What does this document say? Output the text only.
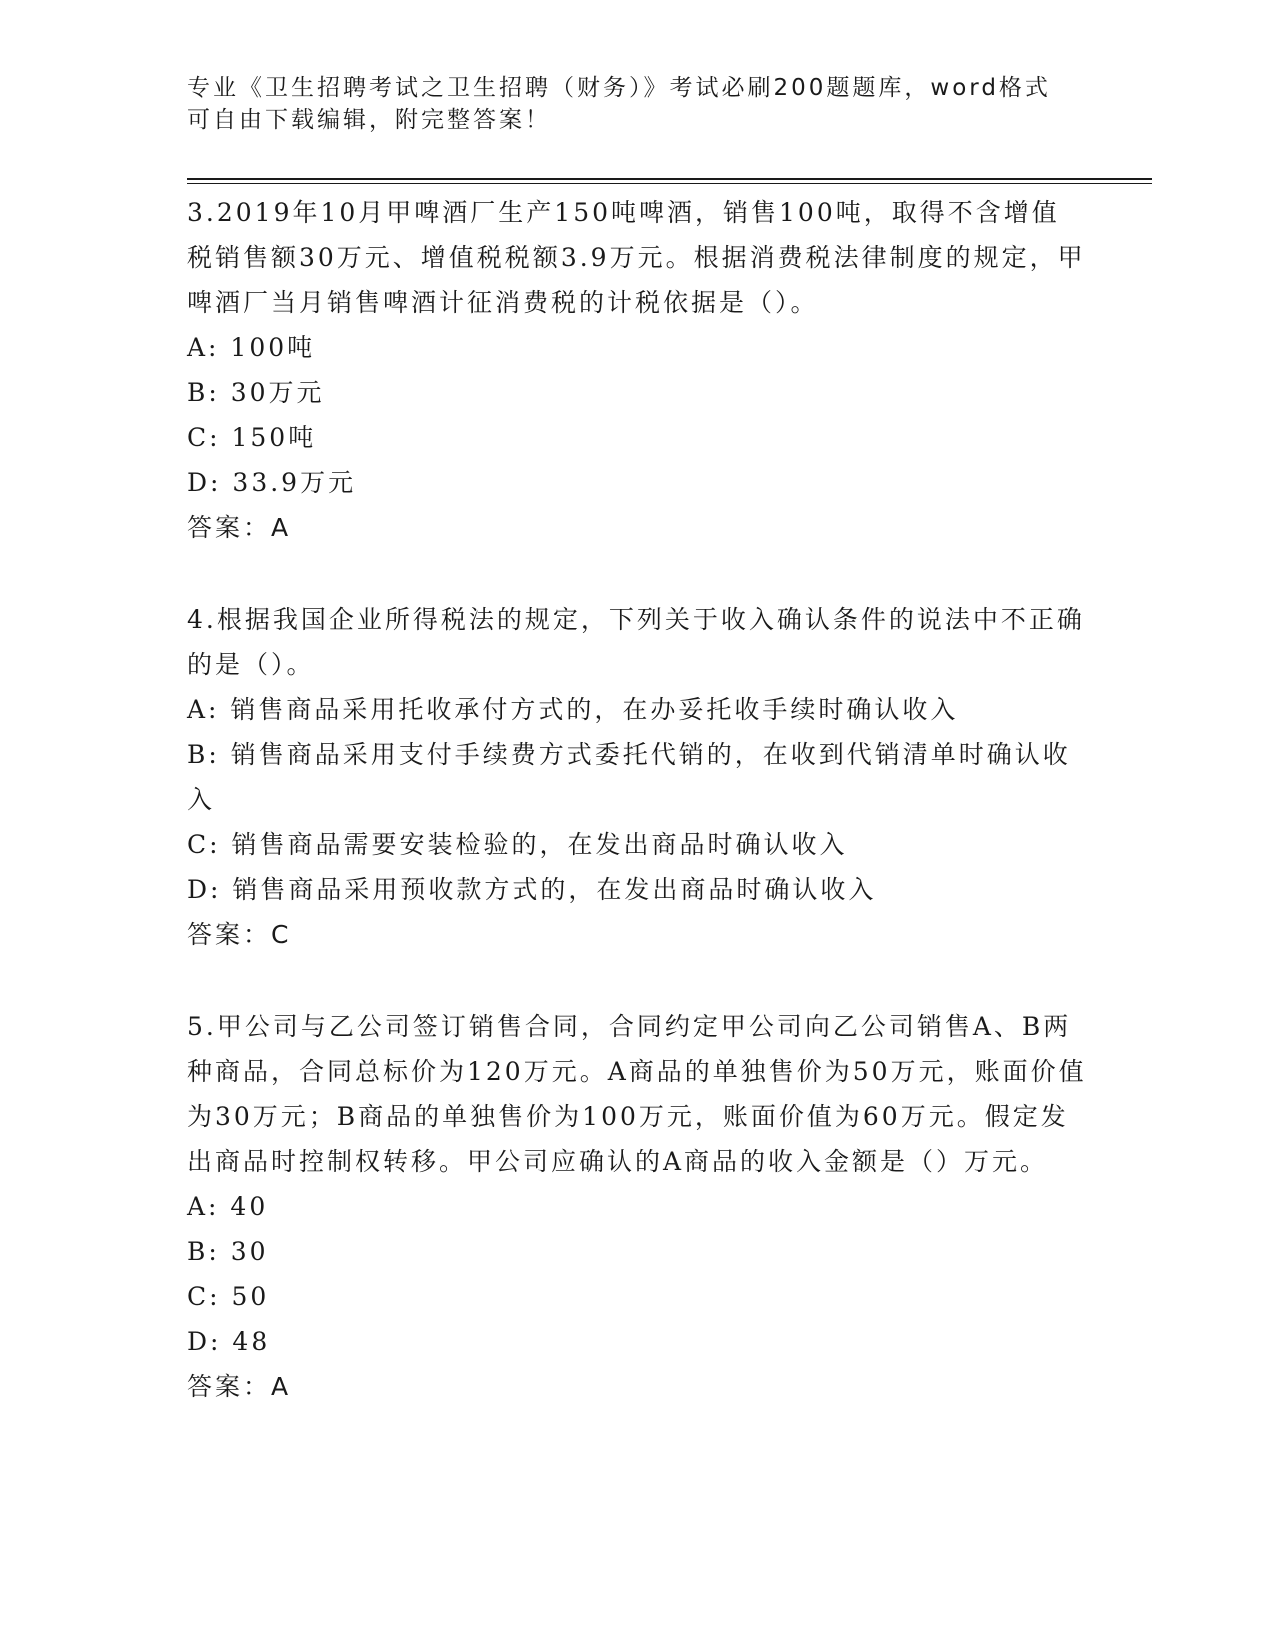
专业《卫生招聘考试之卫生招聘（财务）》考试必刷200题题库，word格式可自由下载编辑，附完整答案！

3.2019年10月甲啤酒厂生产150吨啤酒，销售100吨，取得不含增值税销售额30万元、增值税税额3.9万元。根据消费税法律制度的规定，甲啤酒厂当月销售啤酒计征消费税的计税依据是（）。

A: 100吨

B: 30万元

C: 150吨

D: 33.9万元

答案：A

4.根据我国企业所得税法的规定，下列关于收入确认条件的说法中不正确的是（）。

A: 销售商品采用托收承付方式的，在办妥托收手续时确认收入

B: 销售商品采用支付手续费方式委托代销的，在收到代销清单时确认收入

C: 销售商品需要安装检验的，在发出商品时确认收入

D: 销售商品采用预收款方式的，在发出商品时确认收入

答案：C

5.甲公司与乙公司签订销售合同，合同约定甲公司向乙公司销售A、B两种商品，合同总标价为120万元。A商品的单独售价为50万元，账面价值为30万元；B商品的单独售价为100万元，账面价值为60万元。假定发出商品时控制权转移。甲公司应确认的A商品的收入金额是（）万元。

A: 40

B: 30

C: 50

D: 48

答案：A
